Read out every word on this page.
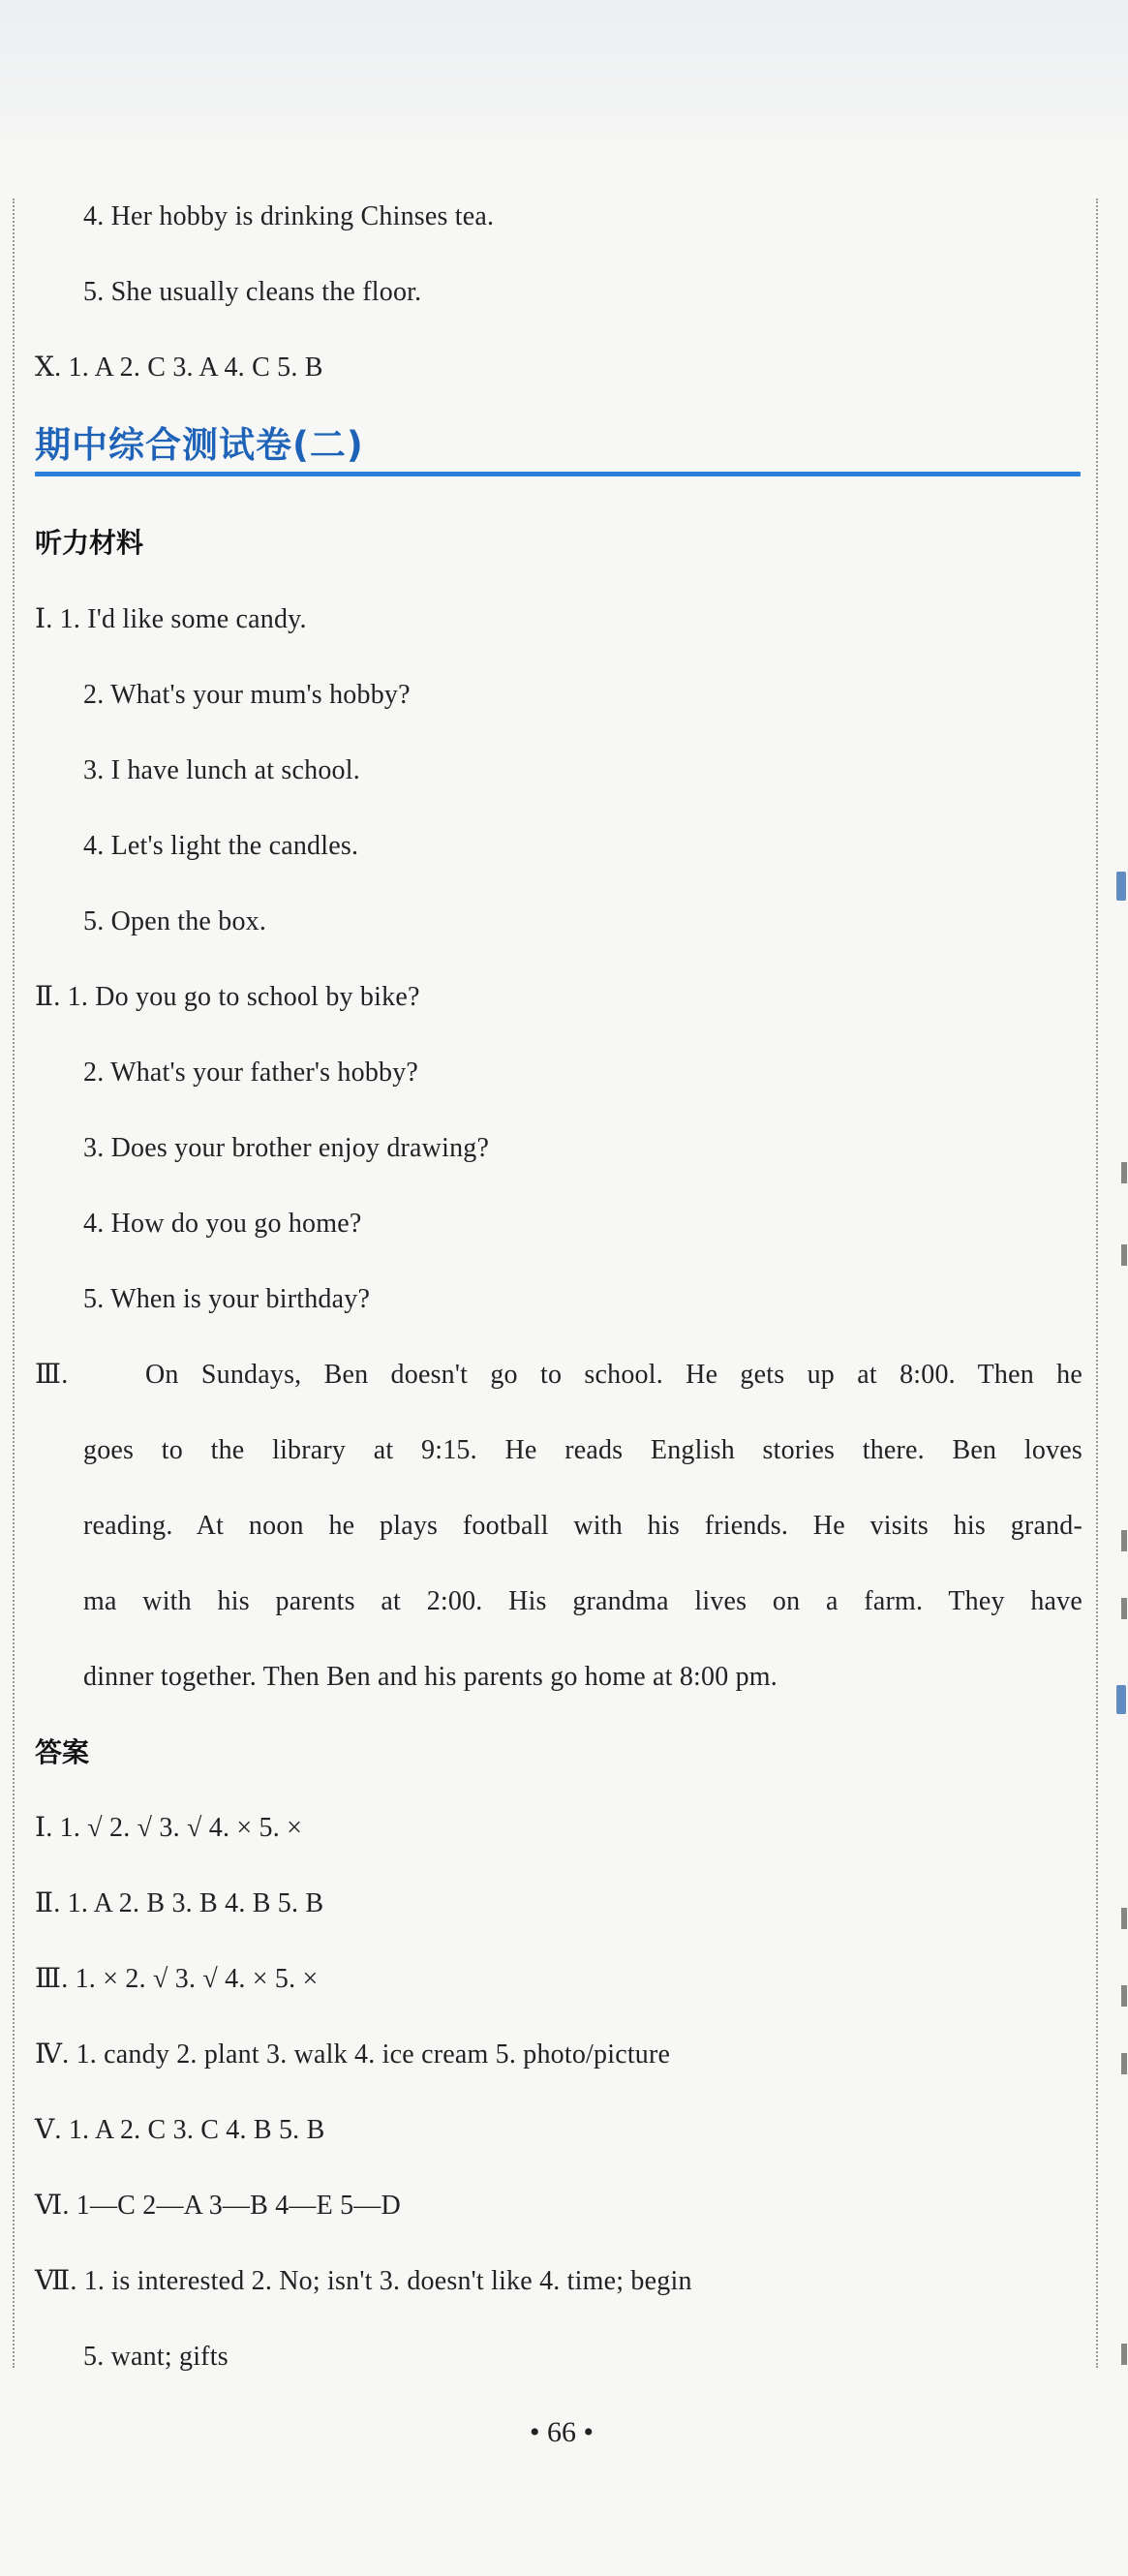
4. Her hobby is drinking Chinses tea.
5. She usually cleans the floor.
Ⅹ. 1. A 2. C 3. A 4. C 5. B
期中综合测试卷(二)
听力材料
Ⅰ. 1. I'd like some candy.
2. What's your mum's hobby?
3. I have lunch at school.
4. Let's light the candles.
5. Open the box.
Ⅱ. 1. Do you go to school by bike?
2. What's your father's hobby?
3. Does your brother enjoy drawing?
4. How do you go home?
5. When is your birthday?
Ⅲ.	On Sundays, Ben doesn't go to school. He gets up at 8:00. Then he
goes to the library at 9:15. He reads English stories there. Ben loves
reading. At noon he plays football with his friends. He visits his grand-
ma with his parents at 2:00. His grandma lives on a farm. They have
dinner together. Then Ben and his parents go home at 8:00 pm.
答案
Ⅰ. 1. √ 2. √ 3. √ 4. × 5. ×
Ⅱ. 1. A 2. B 3. B 4. B 5. B
Ⅲ. 1. × 2. √ 3. √ 4. × 5. ×
Ⅳ. 1. candy 2. plant 3. walk 4. ice cream 5. photo/picture
Ⅴ. 1. A 2. C 3. C 4. B 5. B
Ⅵ. 1—C 2—A 3—B 4—E 5—D
Ⅶ. 1. is interested 2. No; isn't 3. doesn't like 4. time; begin
5. want; gifts
• 66 •
